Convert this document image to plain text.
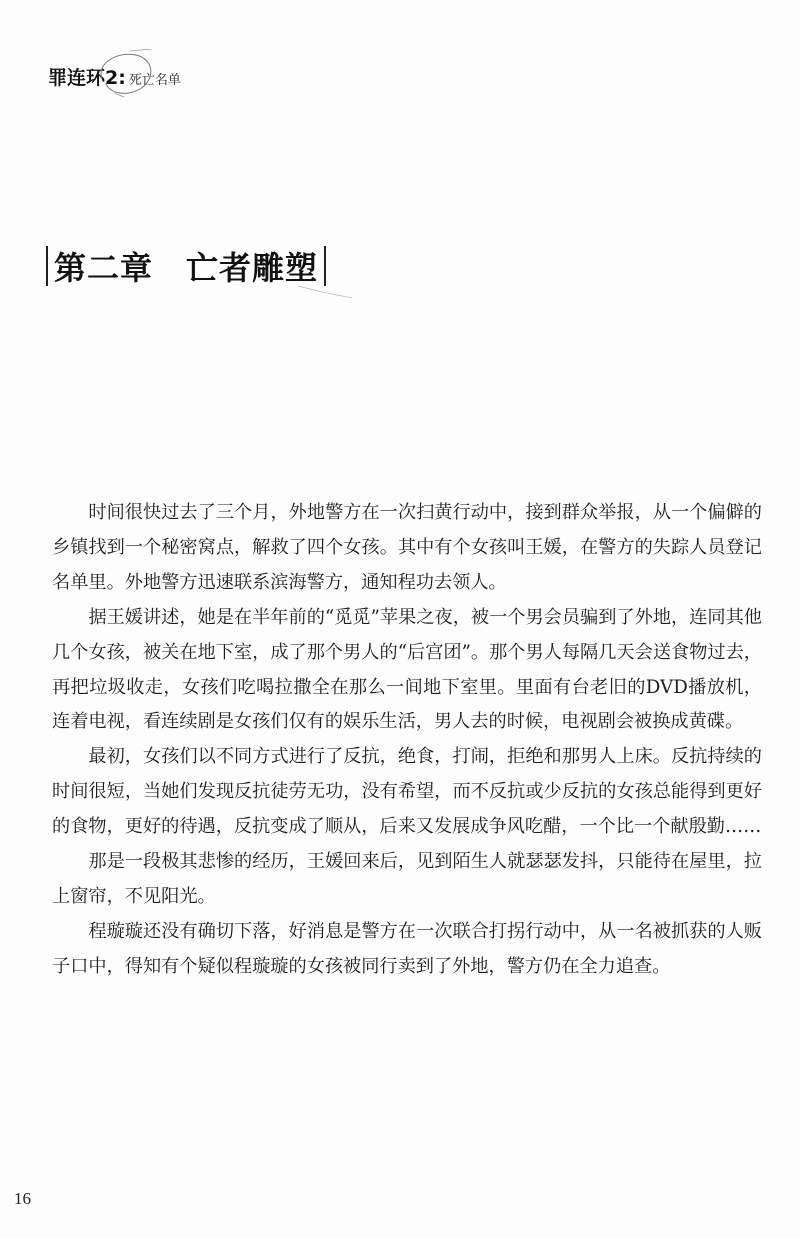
罪连环2: 死亡名单
第二章　亡者雕塑

时间很快过去了三个月，外地警方在一次扫黄行动中，接到群众举报，从一个偏僻的乡镇找到一个秘密窝点，解救了四个女孩。其中有个女孩叫王媛，在警方的失踪人员登记名单里。外地警方迅速联系滨海警方，通知程功去领人。

据王媛讲述，她是在半年前的“觅觅”苹果之夜，被一个男会员骗到了外地，连同其他几个女孩，被关在地下室，成了那个男人的“后宫团”。那个男人每隔几天会送食物过去，再把垃圾收走，女孩们吃喝拉撒全在那么一间地下室里。里面有台老旧的DVD播放机，连着电视，看连续剧是女孩们仅有的娱乐生活，男人去的时候，电视剧会被换成黄碟。

最初，女孩们以不同方式进行了反抗，绝食，打闹，拒绝和那男人上床。反抗持续的时间很短，当她们发现反抗徒劳无功，没有希望，而不反抗或少反抗的女孩总能得到更好的食物，更好的待遇，反抗变成了顺从，后来又发展成争风吃醋，一个比一个献殷勤……

那是一段极其悲惨的经历，王媛回来后，见到陌生人就瑟瑟发抖，只能待在屋里，拉上窗帘，不见阳光。

程璇璇还没有确切下落，好消息是警方在一次联合打拐行动中，从一名被抓获的人贩子口中，得知有个疑似程璇璇的女孩被同行卖到了外地，警方仍在全力追查。

16
